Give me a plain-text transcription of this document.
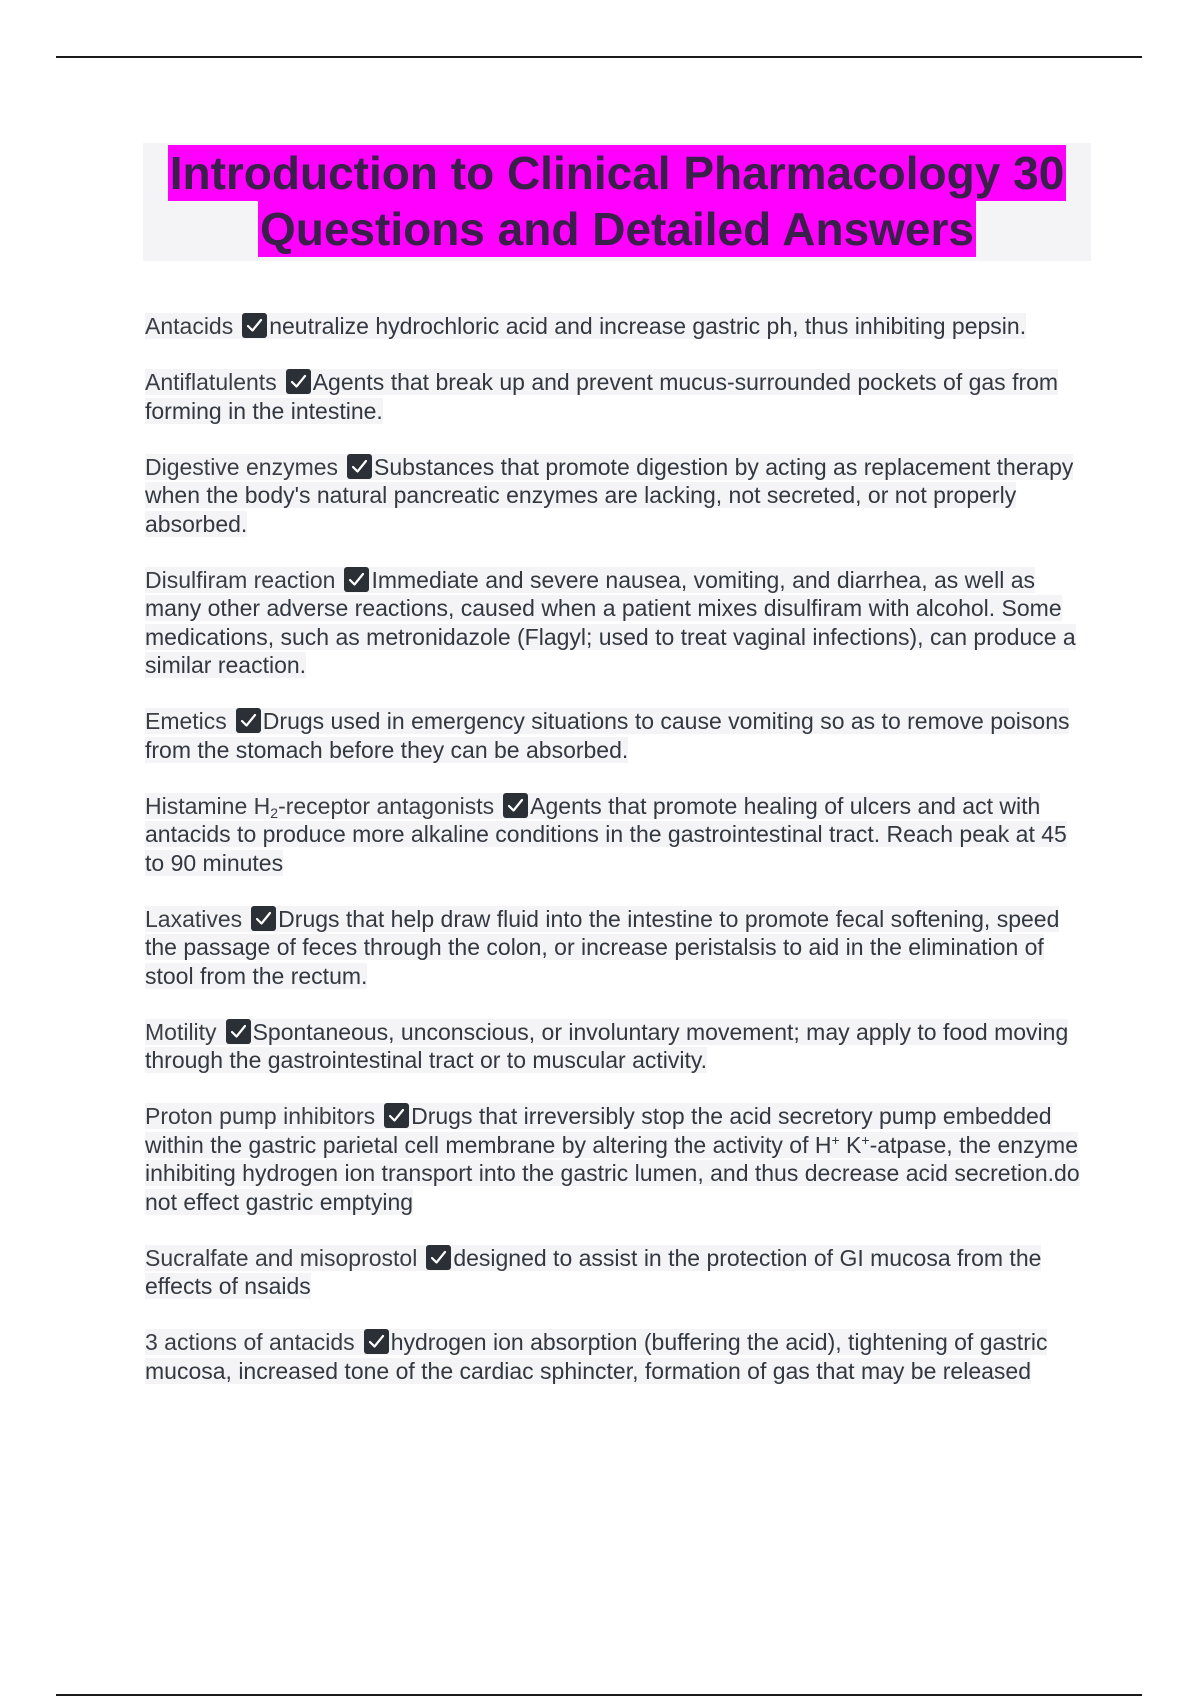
Introduction to Clinical Pharmacology 30
Questions and Detailed Answers
Antacids neutralize hydrochloric acid and increase gastric ph, thus inhibiting pepsin.
Antiflatulents Agents that break up and prevent mucus-surrounded pockets of gas from forming in the intestine.
Digestive enzymes Substances that promote digestion by acting as replacement therapy when the body's natural pancreatic enzymes are lacking, not secreted, or not properly absorbed.
Disulfiram reaction Immediate and severe nausea, vomiting, and diarrhea, as well as many other adverse reactions, caused when a patient mixes disulfiram with alcohol. Some medications, such as metronidazole (Flagyl; used to treat vaginal infections), can produce a similar reaction.
Emetics Drugs used in emergency situations to cause vomiting so as to remove poisons from the stomach before they can be absorbed.
Histamine $H_2$-receptor antagonists Agents that promote healing of ulcers and act with antacids to produce more alkaline conditions in the gastrointestinal tract. Reach peak at 45 to 90 minutes
Laxatives Drugs that help draw fluid into the intestine to promote fecal softening, speed the passage of feces through the colon, or increase peristalsis to aid in the elimination of stool from the rectum.
Motility Spontaneous, unconscious, or involuntary movement; may apply to food moving through the gastrointestinal tract or to muscular activity.
Proton pump inhibitors Drugs that irreversibly stop the acid secretory pump embedded within the gastric parietal cell membrane by altering the activity of H+ K+-atpase, the enzyme inhibiting hydrogen ion transport into the gastric lumen, and thus decrease acid secretion.do not effect gastric emptying
Sucralfate and misoprostol designed to assist in the protection of GI mucosa from the effects of nsaids
3 actions of antacids hydrogen ion absorption (buffering the acid), tightening of gastric mucosa, increased tone of the cardiac sphincter, formation of gas that may be released
